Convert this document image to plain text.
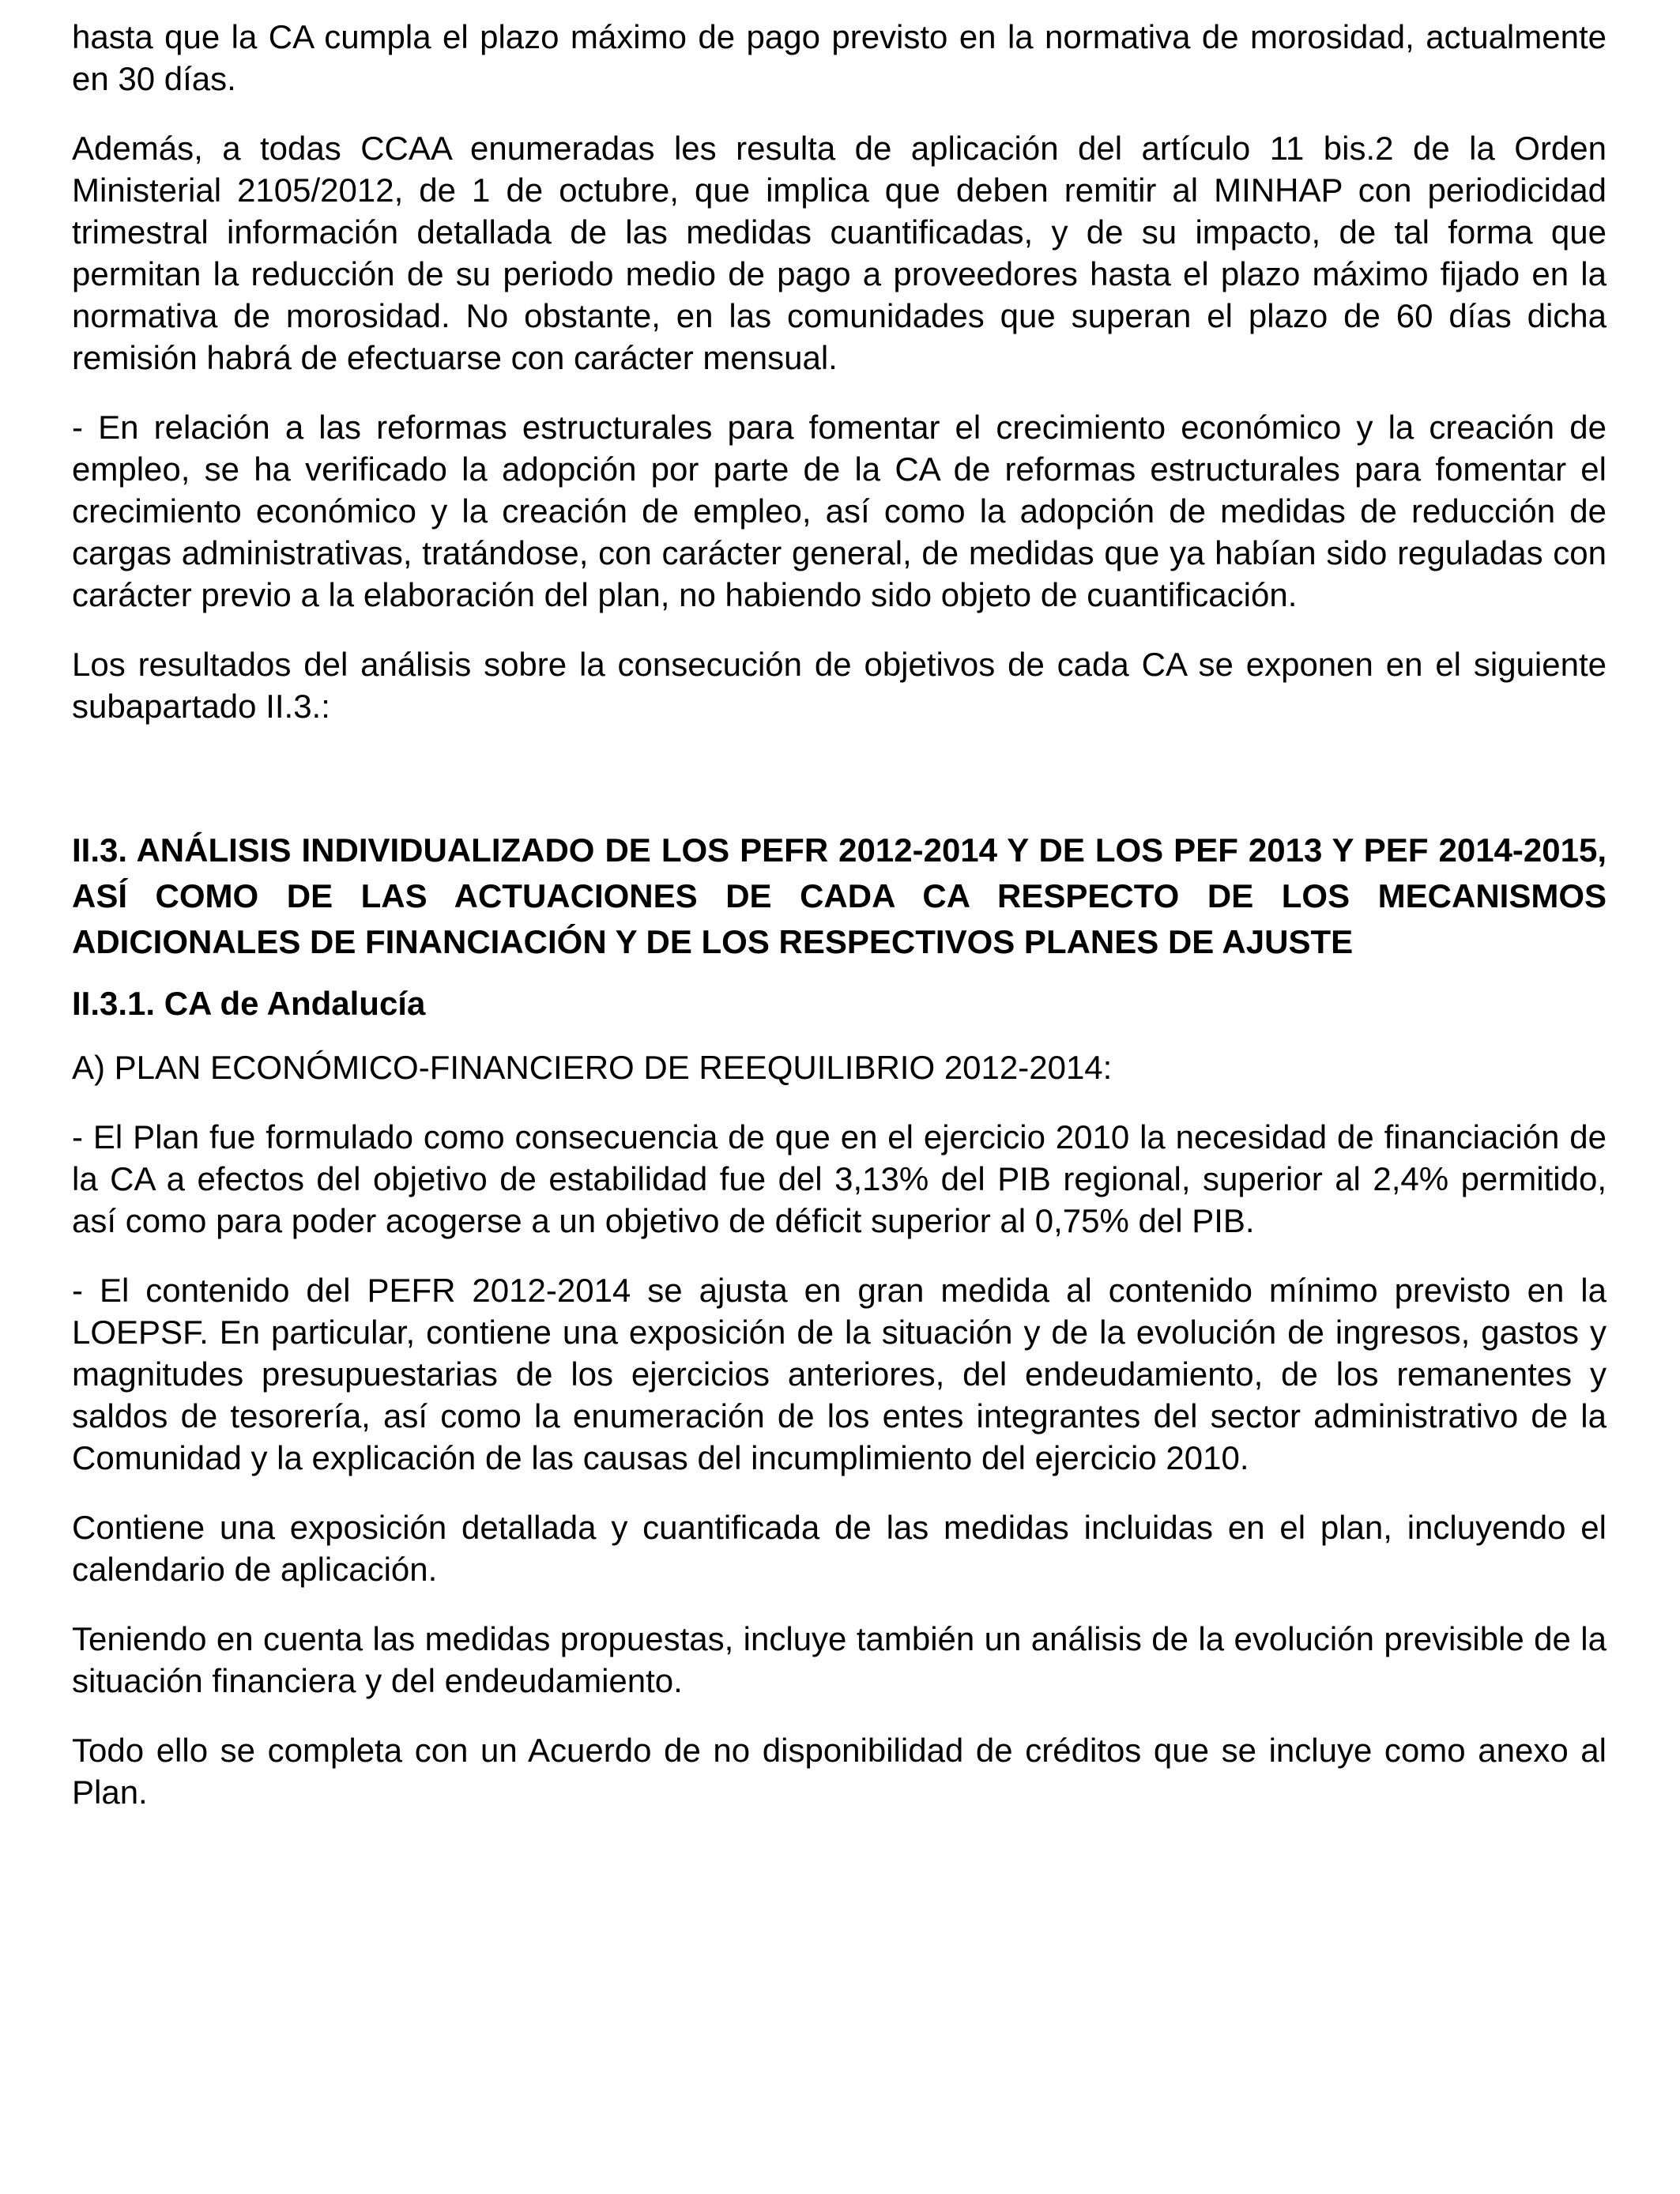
hasta que la CA cumpla el plazo máximo de pago previsto en la normativa de morosidad, actualmente en 30 días.

Además, a todas CCAA enumeradas les resulta de aplicación del artículo 11 bis.2 de la Orden Ministerial 2105/2012, de 1 de octubre, que implica que deben remitir al MINHAP con periodicidad trimestral información detallada de las medidas cuantificadas, y de su impacto, de tal forma que permitan la reducción de su periodo medio de pago a proveedores hasta el plazo máximo fijado en la normativa de morosidad. No obstante, en las comunidades que superan el plazo de 60 días dicha remisión habrá de efectuarse con carácter mensual.

- En relación a las reformas estructurales para fomentar el crecimiento económico y la creación de empleo, se ha verificado la adopción por parte de la CA de reformas estructurales para fomentar el crecimiento económico y la creación de empleo, así como la adopción de medidas de reducción de cargas administrativas, tratándose, con carácter general, de medidas que ya habían sido reguladas con carácter previo a la elaboración del plan, no habiendo sido objeto de cuantificación.

Los resultados del análisis sobre la consecución de objetivos de cada CA se exponen en el siguiente subapartado II.3.:

II.3. ANÁLISIS INDIVIDUALIZADO DE LOS PEFR 2012-2014 Y DE LOS PEF 2013 Y PEF 2014-2015, ASÍ COMO DE LAS ACTUACIONES DE CADA CA RESPECTO DE LOS MECANISMOS ADICIONALES DE FINANCIACIÓN Y DE LOS RESPECTIVOS PLANES DE AJUSTE
II.3.1. CA de Andalucía

A) PLAN ECONÓMICO-FINANCIERO DE REEQUILIBRIO 2012-2014:

- El Plan fue formulado como consecuencia de que en el ejercicio 2010 la necesidad de financiación de la CA a efectos del objetivo de estabilidad fue del 3,13% del PIB regional, superior al 2,4% permitido, así como para poder acogerse a un objetivo de déficit superior al 0,75% del PIB.

- El contenido del PEFR 2012-2014 se ajusta en gran medida al contenido mínimo previsto en la LOEPSF. En particular, contiene una exposición de la situación y de la evolución de ingresos, gastos y magnitudes presupuestarias de los ejercicios anteriores, del endeudamiento, de los remanentes y saldos de tesorería, así como la enumeración de los entes integrantes del sector administrativo de la Comunidad y la explicación de las causas del incumplimiento del ejercicio 2010.

Contiene una exposición detallada y cuantificada de las medidas incluidas en el plan, incluyendo el calendario de aplicación.

Teniendo en cuenta las medidas propuestas, incluye también un análisis de la evolución previsible de la situación financiera y del endeudamiento.

Todo ello se completa con un Acuerdo de no disponibilidad de créditos que se incluye como anexo al Plan.
